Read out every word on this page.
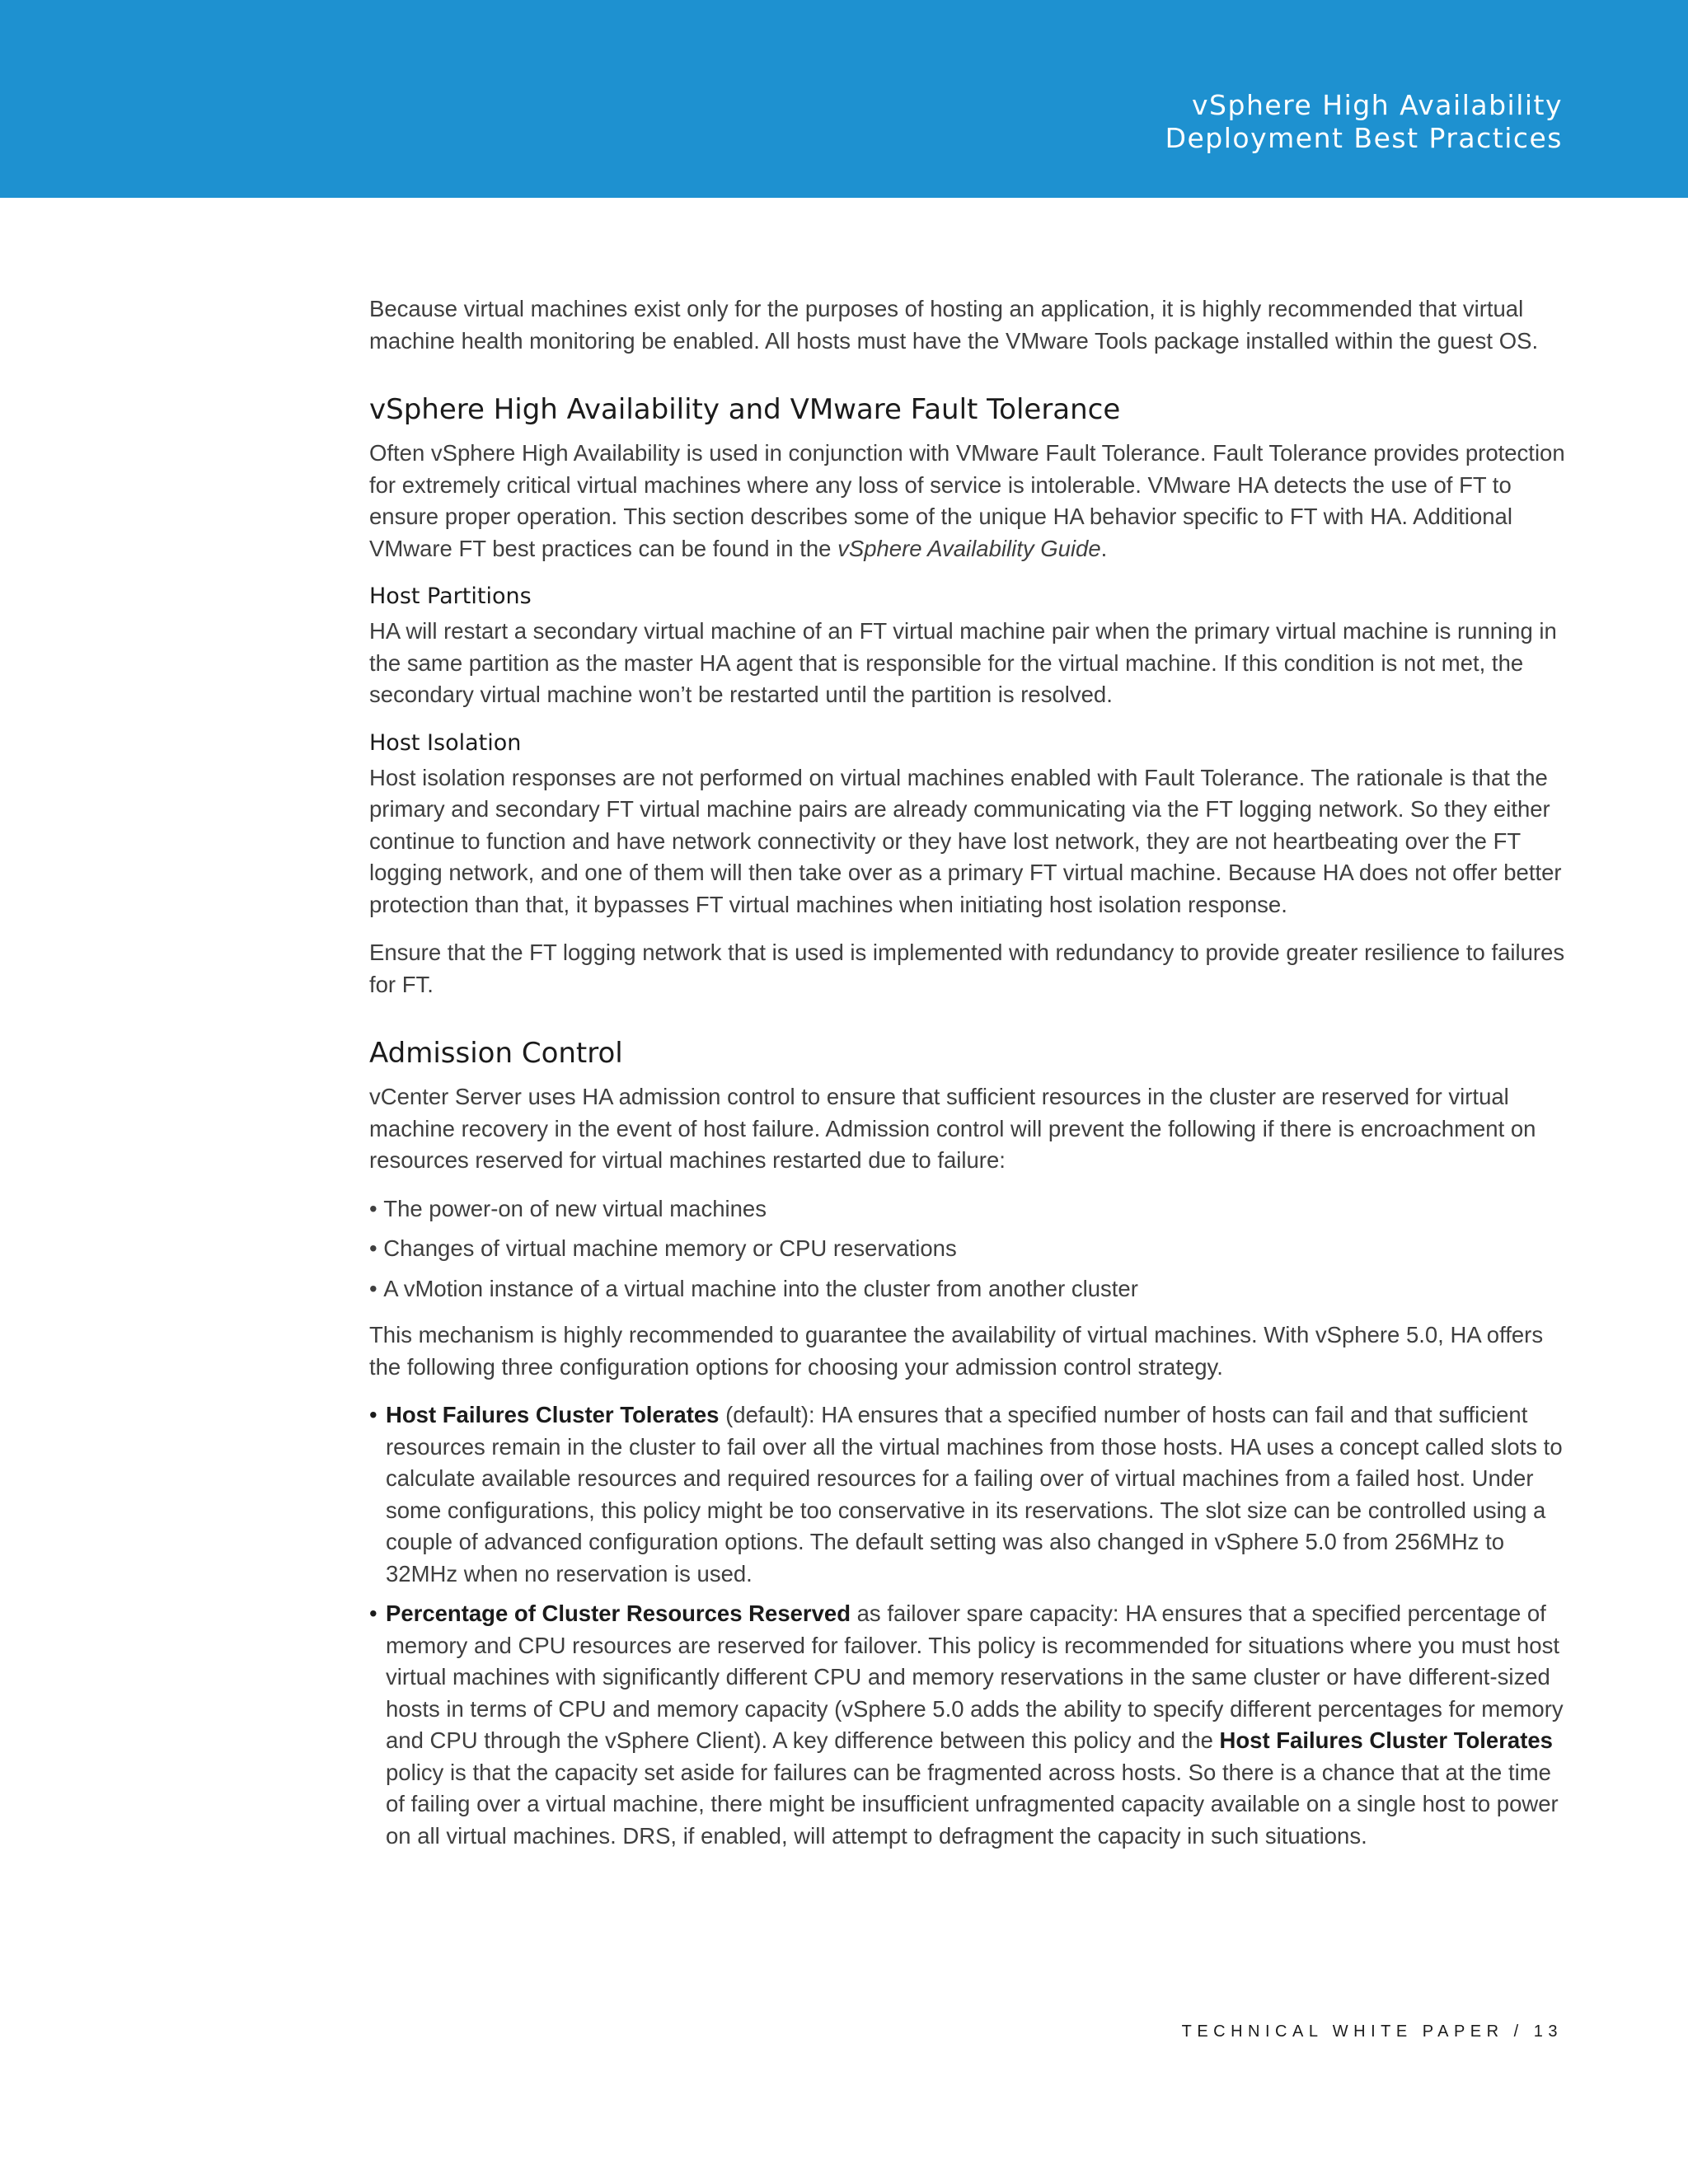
vSphere High Availability
Deployment Best Practices

Because virtual machines exist only for the purposes of hosting an application, it is highly recommended that virtual machine health monitoring be enabled. All hosts must have the VMware Tools package installed within the guest OS.

vSphere High Availability and VMware Fault Tolerance

Often vSphere High Availability is used in conjunction with VMware Fault Tolerance. Fault Tolerance provides protection for extremely critical virtual machines where any loss of service is intolerable. VMware HA detects the use of FT to ensure proper operation. This section describes some of the unique HA behavior specific to FT with HA. Additional VMware FT best practices can be found in the vSphere Availability Guide.

Host Partitions

HA will restart a secondary virtual machine of an FT virtual machine pair when the primary virtual machine is running in the same partition as the master HA agent that is responsible for the virtual machine. If this condition is not met, the secondary virtual machine won’t be restarted until the partition is resolved.

Host Isolation

Host isolation responses are not performed on virtual machines enabled with Fault Tolerance. The rationale is that the primary and secondary FT virtual machine pairs are already communicating via the FT logging network. So they either continue to function and have network connectivity or they have lost network, they are not heartbeating over the FT logging network, and one of them will then take over as a primary FT virtual machine. Because HA does not offer better protection than that, it bypasses FT virtual machines when initiating host isolation response.

Ensure that the FT logging network that is used is implemented with redundancy to provide greater resilience to failures for FT.

Admission Control

vCenter Server uses HA admission control to ensure that sufficient resources in the cluster are reserved for virtual machine recovery in the event of host failure. Admission control will prevent the following if there is encroachment on resources reserved for virtual machines restarted due to failure:

• The power-on of new virtual machines
• Changes of virtual machine memory or CPU reservations
• A vMotion instance of a virtual machine into the cluster from another cluster

This mechanism is highly recommended to guarantee the availability of virtual machines. With vSphere 5.0, HA offers the following three configuration options for choosing your admission control strategy.

• Host Failures Cluster Tolerates (default): HA ensures that a specified number of hosts can fail and that sufficient resources remain in the cluster to fail over all the virtual machines from those hosts. HA uses a concept called slots to calculate available resources and required resources for a failing over of virtual machines from a failed host. Under some configurations, this policy might be too conservative in its reservations. The slot size can be controlled using a couple of advanced configuration options. The default setting was also changed in vSphere 5.0 from 256MHz to 32MHz when no reservation is used.
• Percentage of Cluster Resources Reserved as failover spare capacity: HA ensures that a specified percentage of memory and CPU resources are reserved for failover. This policy is recommended for situations where you must host virtual machines with significantly different CPU and memory reservations in the same cluster or have different-sized hosts in terms of CPU and memory capacity (vSphere 5.0 adds the ability to specify different percentages for memory and CPU through the vSphere Client). A key difference between this policy and the Host Failures Cluster Tolerates policy is that the capacity set aside for failures can be fragmented across hosts. So there is a chance that at the time of failing over a virtual machine, there might be insufficient unfragmented capacity available on a single host to power on all virtual machines. DRS, if enabled, will attempt to defragment the capacity in such situations.
TECHNICAL WHITE PAPER / 13
